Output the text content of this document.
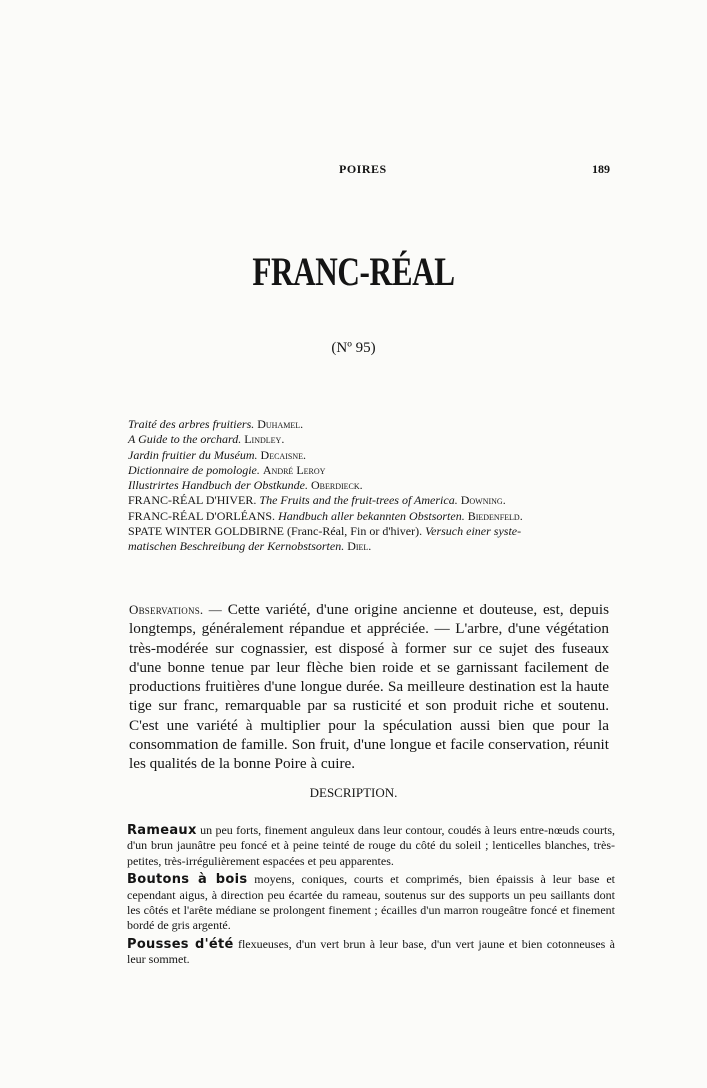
POIRES	189
FRANC-RÉAL
(Nº 95)
Traité des arbres fruitiers. Duhamel.
A Guide to the orchard. Lindley.
Jardin fruitier du Muséum. Decaisne.
Dictionnaire de pomologie. André Leroy
Illustrirtes Handbuch der Obstkunde. Oberdieck.
FRANC-RÉAL D'HIVER. The Fruits and the fruit-trees of America. Downing.
FRANC-RÉAL D'ORLÉANS. Handbuch aller bekannten Obstsorten. Biedenfeld.
SPATE WINTER GOLDBIRNE (Franc-Réal, Fin or d'hiver). Versuch einer syste-
matischen Beschreibung der Kernobstsorten. Diel.
Observations. — Cette variété, d'une origine ancienne et douteuse, est, depuis longtemps, généralement répandue et appréciée. — L'arbre, d'une végétation très-modérée sur cognassier, est disposé à former sur ce sujet des fuseaux d'une bonne tenue par leur flèche bien roide et se garnissant facilement de productions fruitières d'une longue durée. Sa meilleure destination est la haute tige sur franc, remarquable par sa rusticité et son produit riche et soutenu. C'est une variété à multiplier pour la spéculation aussi bien que pour la consommation de famille. Son fruit, d'une longue et facile conservation, réunit les qualités de la bonne Poire à cuire.
DESCRIPTION.

Rameaux un peu forts, finement anguleux dans leur contour, coudés à leurs entre-nœuds courts, d'un brun jaunâtre peu foncé et à peine teinté de rouge du côté du soleil ; lenticelles blanches, très-petites, très-irrégulièrement espacées et peu apparentes.

Boutons à bois moyens, coniques, courts et comprimés, bien épaissis à leur base et cependant aigus, à direction peu écartée du rameau, soutenus sur des supports un peu saillants dont les côtés et l'arête médiane se prolongent finement ; écailles d'un marron rougeâtre foncé et finement bordé de gris argenté.

Pousses d'été flexueuses, d'un vert brun à leur base, d'un vert jaune et bien cotonneuses à leur sommet.
